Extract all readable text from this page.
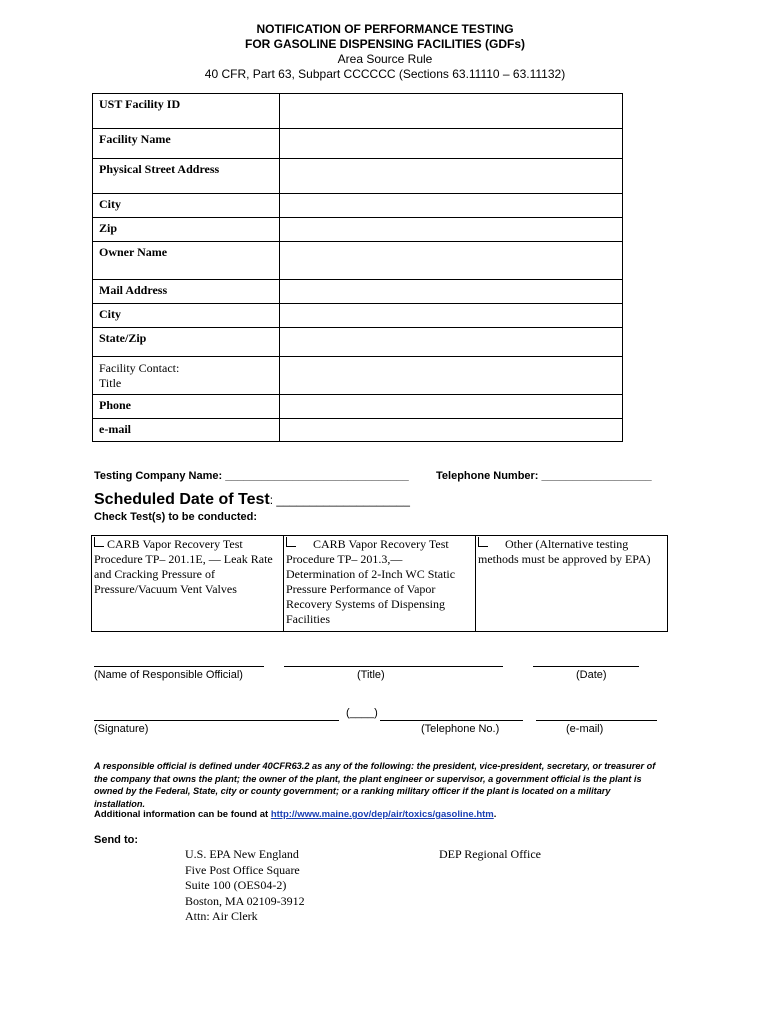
NOTIFICATION OF PERFORMANCE TESTING
FOR GASOLINE DISPENSING FACILITIES (GDFs)
Area Source Rule
40 CFR, Part 63, Subpart CCCCCC (Sections 63.11110 – 63.11132)
UST Facility ID	
Facility Name	
Physical Street Address	
City	
Zip	
Owner Name	
Mail Address	
City	
State/Zip	

Facility Contact:
Title	

Phone	
e-mail	
Testing Company Name: ______________________________ Telephone Number: __________________
Scheduled Date of Test: ____________________
Check Test(s) to be conducted:
CARB Vapor Recovery Test Procedure TP– 201.1E, — Leak Rate and Cracking Pressure of Pressure/Vacuum Vent Valves	CARB Vapor Recovery Test Procedure TP– 201.3,— Determination of 2-Inch WC Static Pressure Performance of Vapor Recovery Systems of Dispensing Facilities	Other (Alternative testing methods must be approved by EPA)
(Name of Responsible Official)	(Title)	(Date)
(____)
(Signature)	(Telephone No.)	(e-mail)
A responsible official is defined under 40CFR63.2 as any of the following: the president, vice-president, secretary, or treasurer of the company that owns the plant; the owner of the plant, the plant engineer or supervisor, a government official is the plant is owned by the Federal, State, city or county government; or a ranking military officer if the plant is located on a military installation.
Additional information can be found at http://www.maine.gov/dep/air/toxics/gasoline.htm.
Send to:
U.S. EPA New England
Five Post Office Square
Suite 100 (OES04-2)
Boston, MA 02109-3912
Attn: Air Clerk
DEP Regional Office
